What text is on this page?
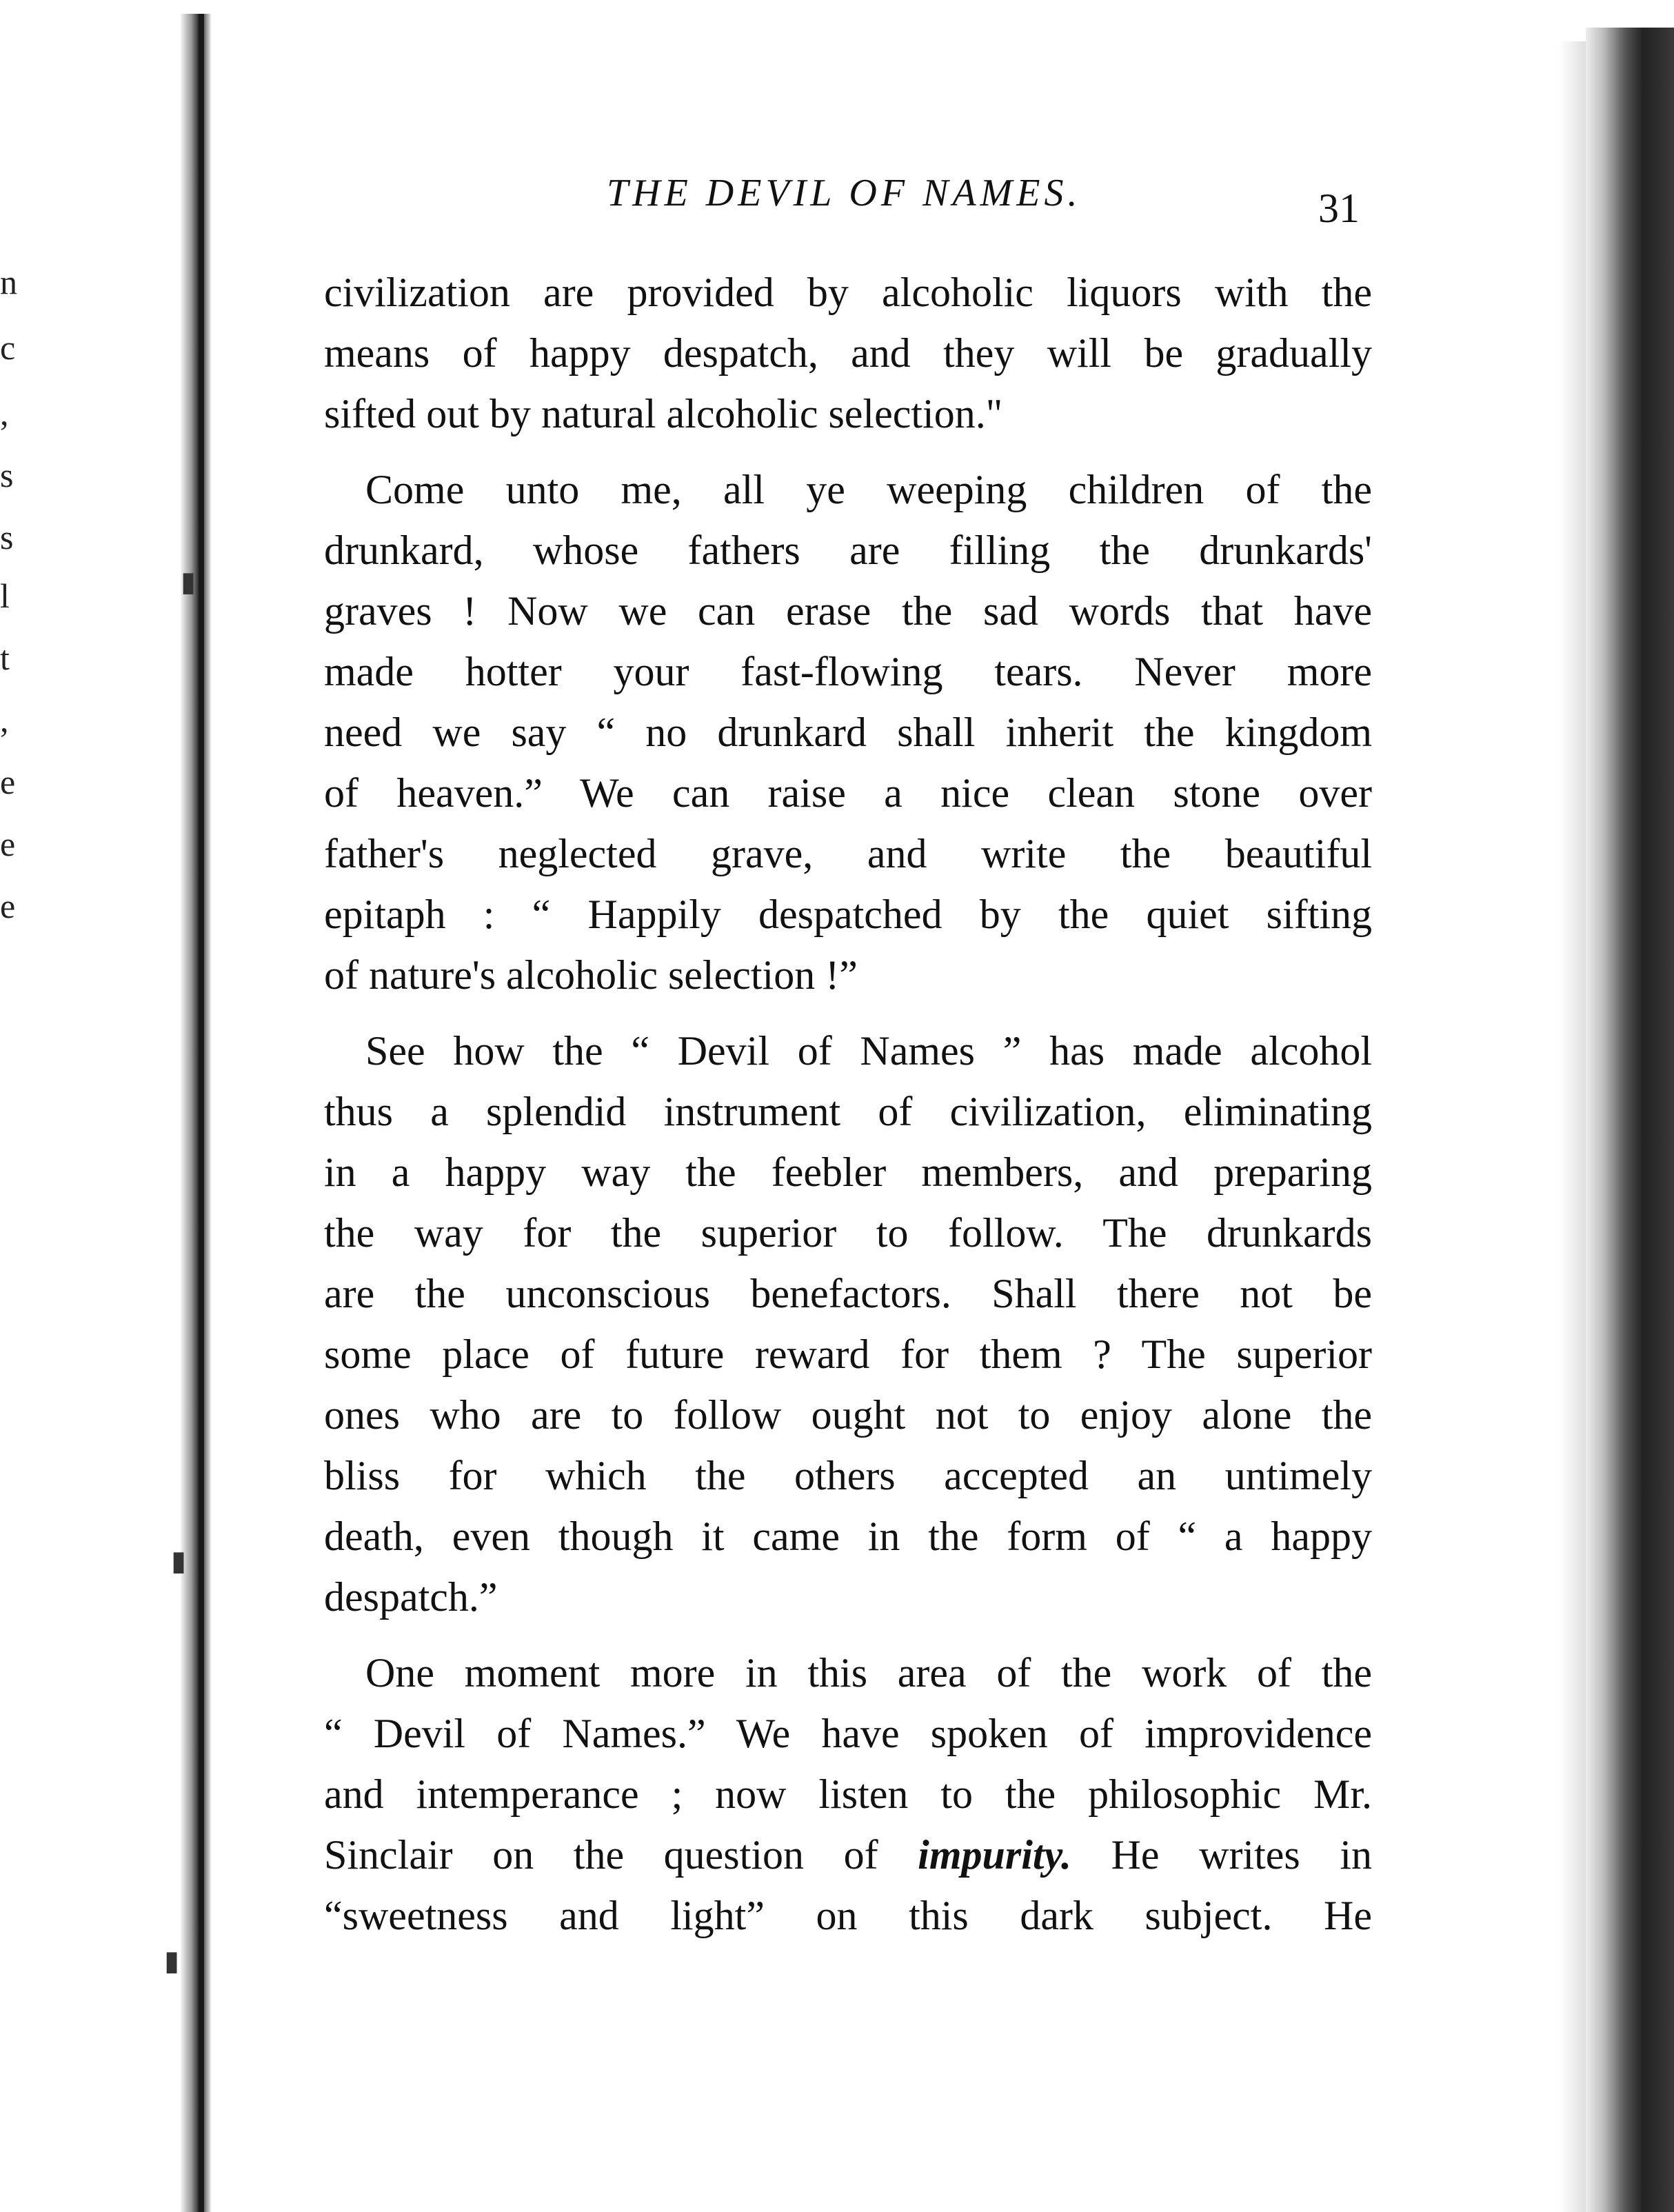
n
c
,
s
s
l
t
,
e
e
e
▮
▮
▮
THE DEVIL OF NAMES.	31
civilization are provided by alcoholic liquors with the
means of happy despatch, and they will be gradually
sifted out by natural alcoholic selection."
Come unto me, all ye weeping children of the
drunkard, whose fathers are filling the drunkards'
graves ! Now we can erase the sad words that have
made hotter your fast-flowing tears. Never more
need we say “ no drunkard shall inherit the kingdom
of heaven.” We can raise a nice clean stone over
father's neglected grave, and write the beautiful
epitaph : “ Happily despatched by the quiet sifting
of nature's alcoholic selection !”
See how the “ Devil of Names ” has made alcohol
thus a splendid instrument of civilization, eliminating
in a happy way the feebler members, and preparing
the way for the superior to follow. The drunkards
are the unconscious benefactors. Shall there not be
some place of future reward for them ? The superior
ones who are to follow ought not to enjoy alone the
bliss for which the others accepted an untimely
death, even though it came in the form of “ a happy
despatch.”
One moment more in this area of the work of the
“ Devil of Names.” We have spoken of improvidence
and intemperance ; now listen to the philosophic Mr.
Sinclair on the question of impurity. He writes in
“sweetness and light” on this dark subject. He
